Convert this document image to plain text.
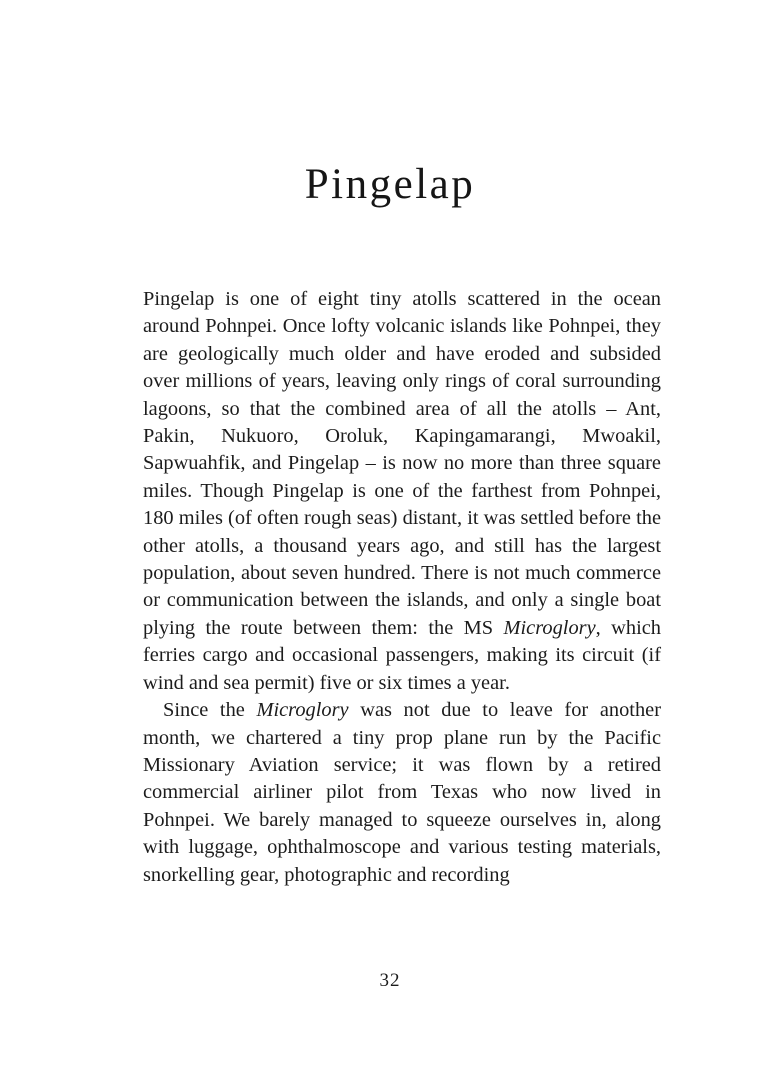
Pingelap

Pingelap is one of eight tiny atolls scattered in the ocean around Pohnpei. Once lofty volcanic islands like Pohnpei, they are geologically much older and have eroded and subsided over millions of years, leaving only rings of coral surrounding lagoons, so that the combined area of all the atolls – Ant, Pakin, Nukuoro, Oroluk, Kapingamarangi, Mwoakil, Sapwuahfik, and Pingelap – is now no more than three square miles. Though Pingelap is one of the farthest from Pohnpei, 180 miles (of often rough seas) distant, it was settled before the other atolls, a thousand years ago, and still has the largest population, about seven hundred. There is not much commerce or communication between the islands, and only a single boat plying the route between them: the MS Microglory, which ferries cargo and occasional passengers, making its circuit (if wind and sea permit) five or six times a year.

Since the Microglory was not due to leave for another month, we chartered a tiny prop plane run by the Pacific Missionary Aviation service; it was flown by a retired commercial airliner pilot from Texas who now lived in Pohnpei. We barely managed to squeeze ourselves in, along with luggage, ophthalmoscope and various testing materials, snorkelling gear, photographic and recording

32
